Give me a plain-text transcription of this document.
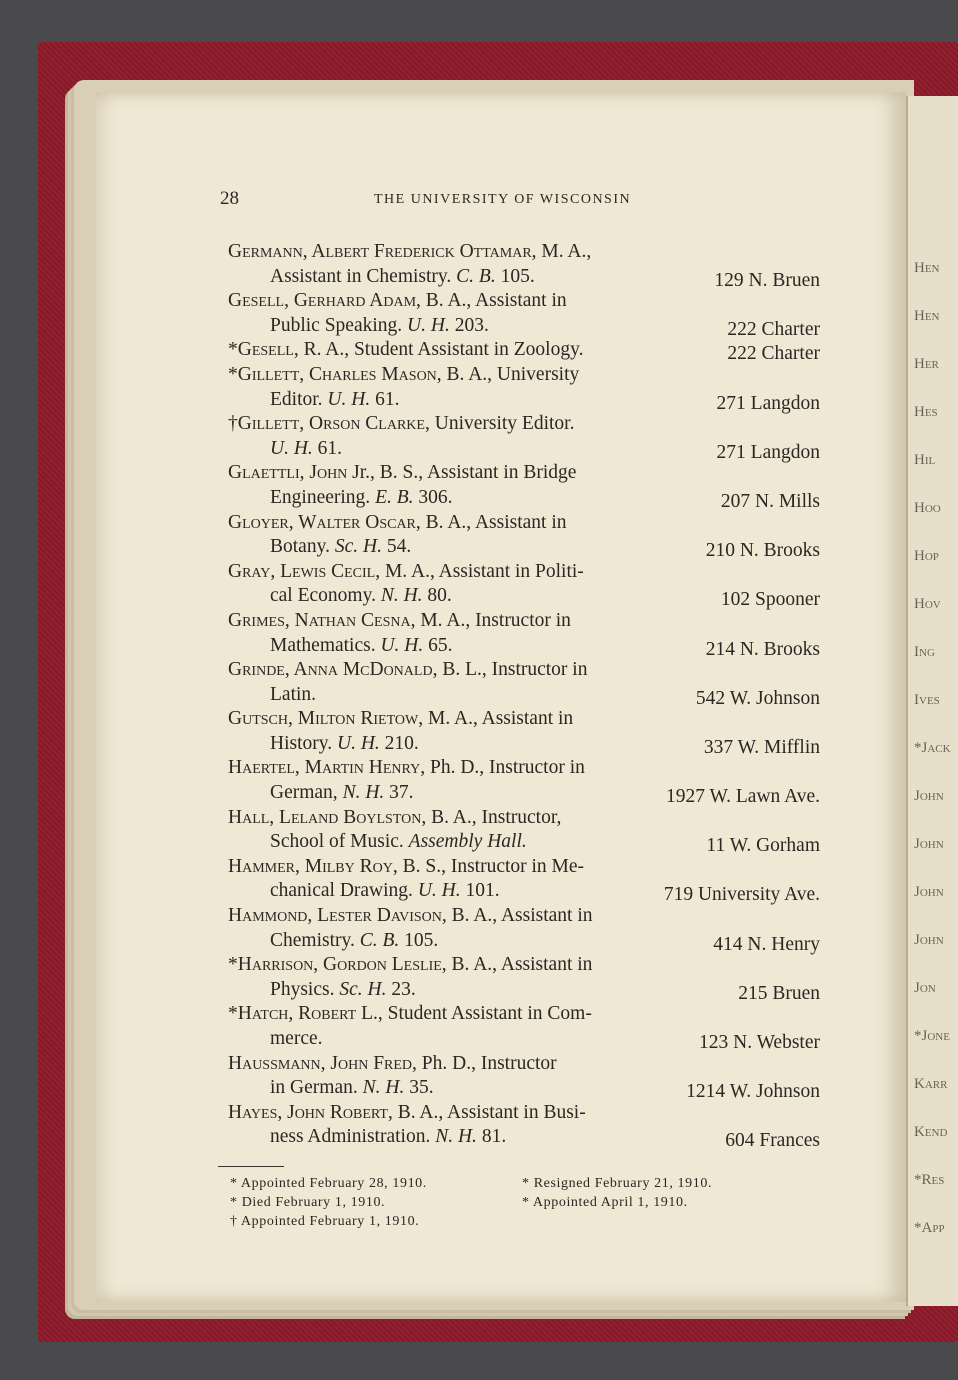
Hen
Hen
Her
Hes
Hil
Hoo
Hop
Hov
Ing
Ives
*Jack
John
John
John
John
Jon
*Jone
Karr
Kend
*Res
*App
28	THE UNIVERSITY OF WISCONSIN
Germann, Albert Frederick Ottamar, M. A.,
Assistant in Chemistry. C. B. 105.	129 N. Bruen
Gesell, Gerhard Adam, B. A., Assistant in
Public Speaking. U. H. 203.	222 Charter
*Gesell, R. A., Student Assistant in Zoology.	222 Charter
*Gillett, Charles Mason, B. A., University
Editor. U. H. 61.	271 Langdon
†Gillett, Orson Clarke, University Editor.
U. H. 61.	271 Langdon
Glaettli, John Jr., B. S., Assistant in Bridge
Engineering. E. B. 306.	207 N. Mills
Gloyer, Walter Oscar, B. A., Assistant in
Botany. Sc. H. 54.	210 N. Brooks
Gray, Lewis Cecil, M. A., Assistant in Politi-
cal Economy. N. H. 80.	102 Spooner
Grimes, Nathan Cesna, M. A., Instructor in
Mathematics. U. H. 65.	214 N. Brooks
Grinde, Anna McDonald, B. L., Instructor in
Latin.	542 W. Johnson
Gutsch, Milton Rietow, M. A., Assistant in
History. U. H. 210.	337 W. Mifflin
Haertel, Martin Henry, Ph. D., Instructor in
German, N. H. 37.	1927 W. Lawn Ave.
Hall, Leland Boylston, B. A., Instructor,
School of Music. Assembly Hall.	11 W. Gorham
Hammer, Milby Roy, B. S., Instructor in Me-
chanical Drawing. U. H. 101.	719 University Ave.
Hammond, Lester Davison, B. A., Assistant in
Chemistry. C. B. 105.	414 N. Henry
*Harrison, Gordon Leslie, B. A., Assistant in
Physics. Sc. H. 23.	215 Bruen
*Hatch, Robert L., Student Assistant in Com-
merce.	123 N. Webster
Haussmann, John Fred, Ph. D., Instructor
in German. N. H. 35.	1214 W. Johnson
Hayes, John Robert, B. A., Assistant in Busi-
ness Administration. N. H. 81.	604 Frances
* Appointed February 28, 1910.
* Died February 1, 1910.
† Appointed February 1, 1910.
* Resigned February 21, 1910.
* Appointed April 1, 1910.
